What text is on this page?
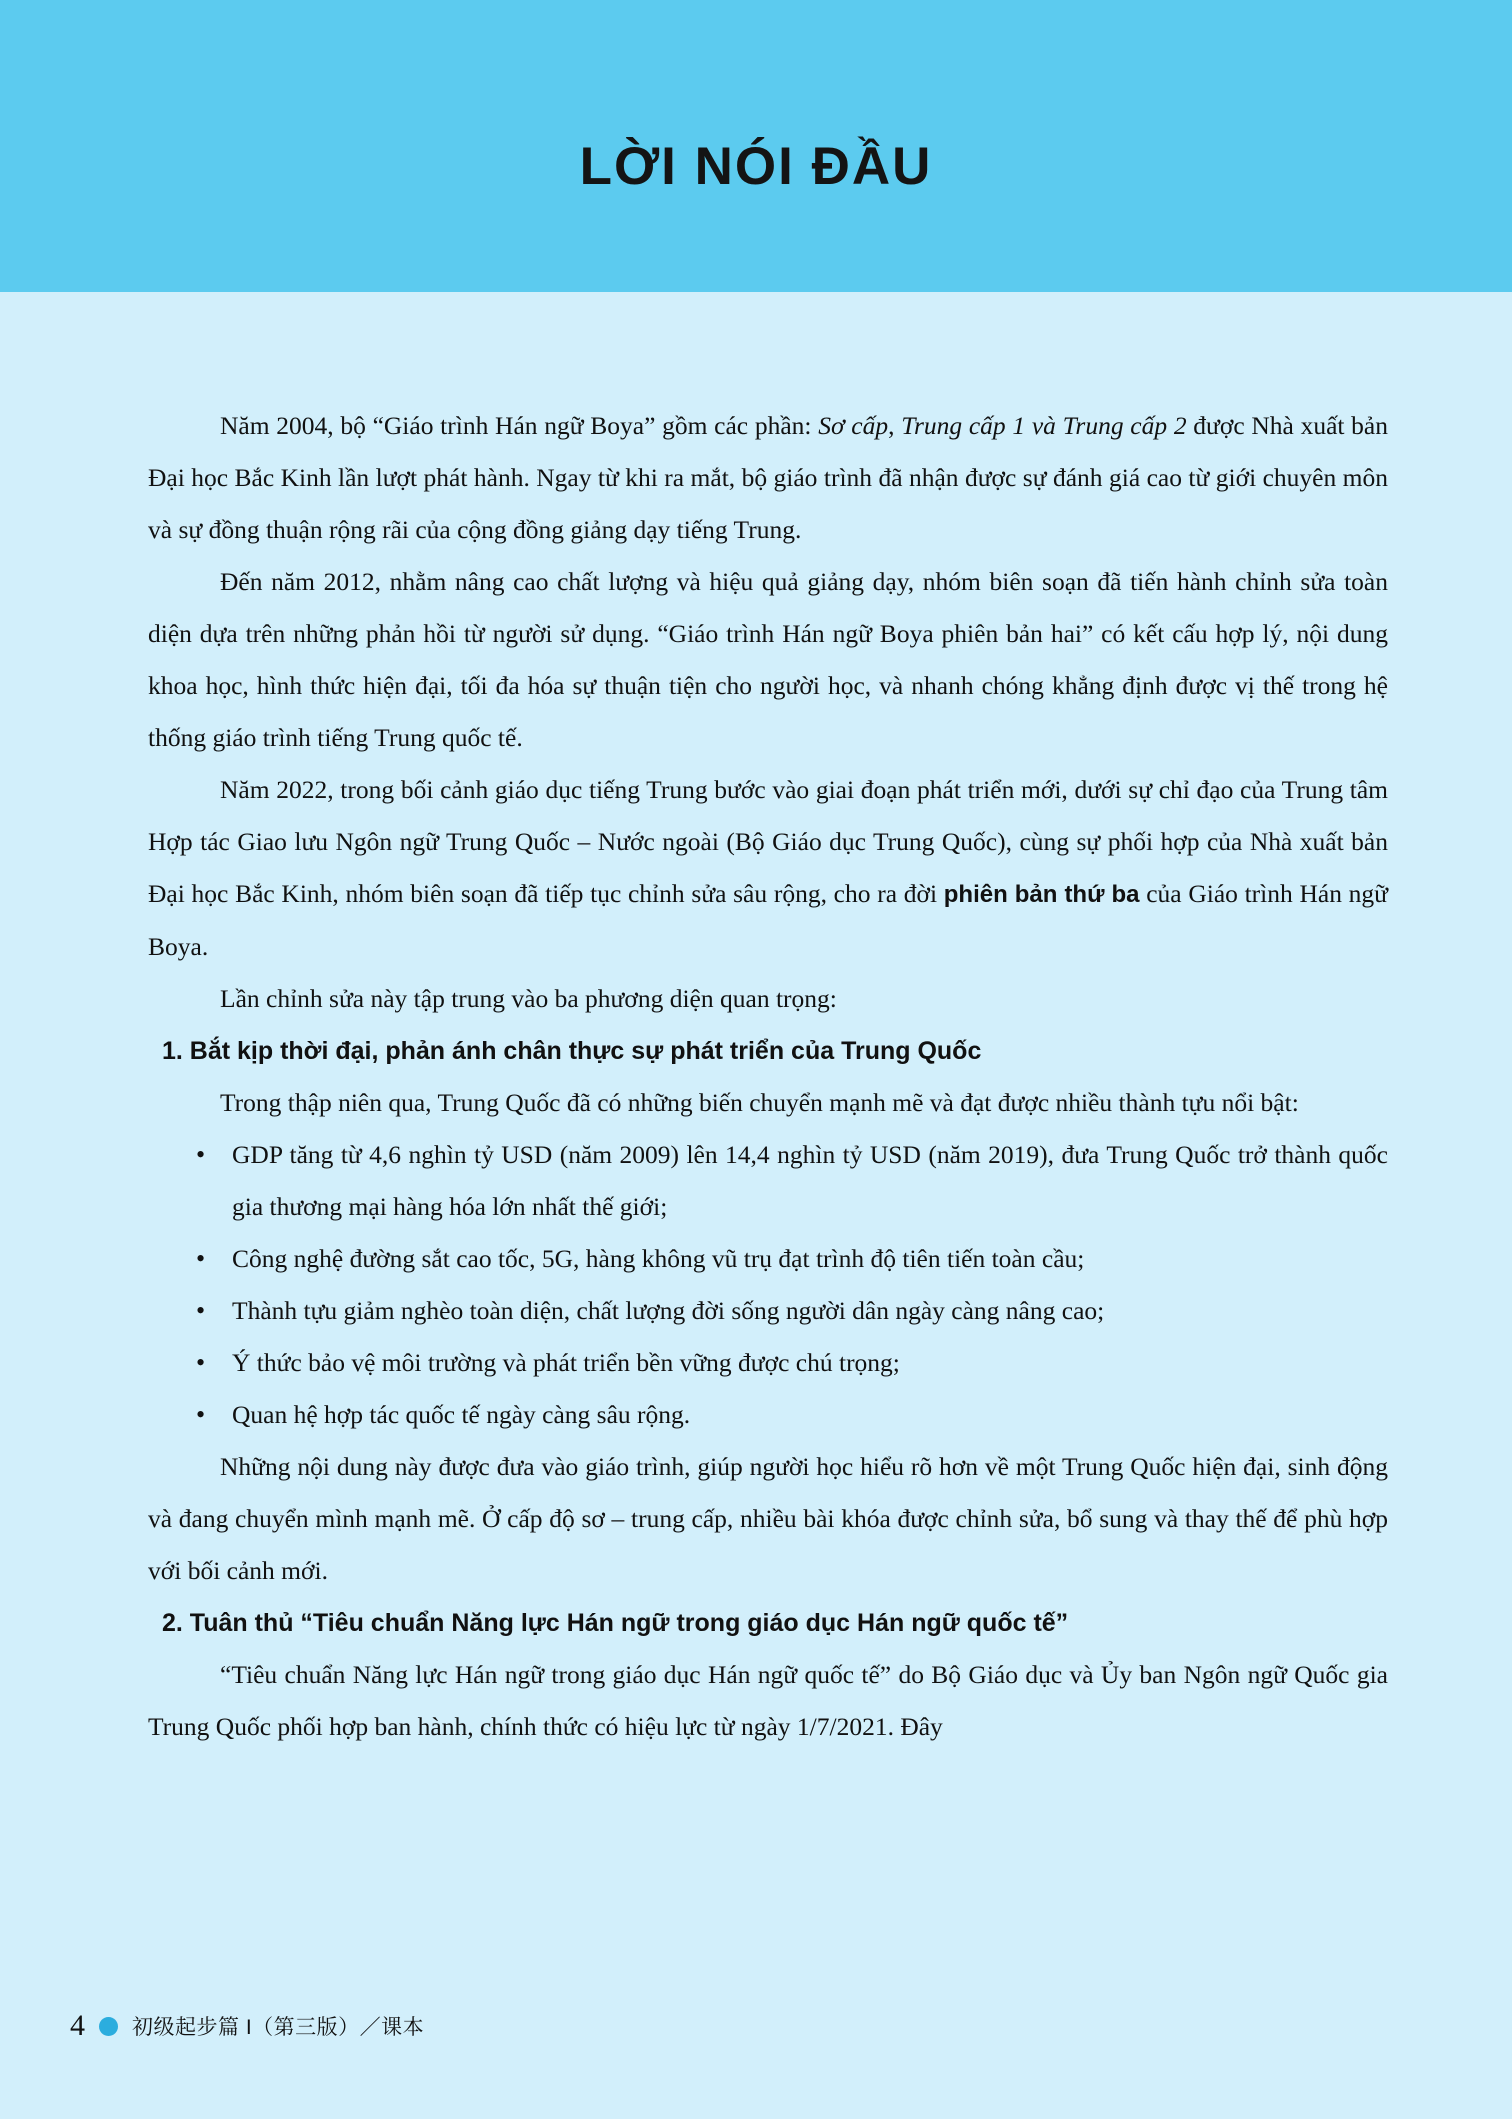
LỜI NÓI ĐẦU

Năm 2004, bộ “Giáo trình Hán ngữ Boya” gồm các phần: Sơ cấp, Trung cấp 1 và Trung cấp 2 được Nhà xuất bản Đại học Bắc Kinh lần lượt phát hành. Ngay từ khi ra mắt, bộ giáo trình đã nhận được sự đánh giá cao từ giới chuyên môn và sự đồng thuận rộng rãi của cộng đồng giảng dạy tiếng Trung.

Đến năm 2012, nhằm nâng cao chất lượng và hiệu quả giảng dạy, nhóm biên soạn đã tiến hành chỉnh sửa toàn diện dựa trên những phản hồi từ người sử dụng. “Giáo trình Hán ngữ Boya phiên bản hai” có kết cấu hợp lý, nội dung khoa học, hình thức hiện đại, tối đa hóa sự thuận tiện cho người học, và nhanh chóng khẳng định được vị thế trong hệ thống giáo trình tiếng Trung quốc tế.

Năm 2022, trong bối cảnh giáo dục tiếng Trung bước vào giai đoạn phát triển mới, dưới sự chỉ đạo của Trung tâm Hợp tác Giao lưu Ngôn ngữ Trung Quốc – Nước ngoài (Bộ Giáo dục Trung Quốc), cùng sự phối hợp của Nhà xuất bản Đại học Bắc Kinh, nhóm biên soạn đã tiếp tục chỉnh sửa sâu rộng, cho ra đời phiên bản thứ ba của Giáo trình Hán ngữ Boya.

Lần chỉnh sửa này tập trung vào ba phương diện quan trọng:

1. Bắt kịp thời đại, phản ánh chân thực sự phát triển của Trung Quốc

Trong thập niên qua, Trung Quốc đã có những biến chuyển mạnh mẽ và đạt được nhiều thành tựu nổi bật:

• GDP tăng từ 4,6 nghìn tỷ USD (năm 2009) lên 14,4 nghìn tỷ USD (năm 2019), đưa Trung Quốc trở thành quốc gia thương mại hàng hóa lớn nhất thế giới;
• Công nghệ đường sắt cao tốc, 5G, hàng không vũ trụ đạt trình độ tiên tiến toàn cầu;
• Thành tựu giảm nghèo toàn diện, chất lượng đời sống người dân ngày càng nâng cao;
• Ý thức bảo vệ môi trường và phát triển bền vững được chú trọng;
• Quan hệ hợp tác quốc tế ngày càng sâu rộng.

Những nội dung này được đưa vào giáo trình, giúp người học hiểu rõ hơn về một Trung Quốc hiện đại, sinh động và đang chuyển mình mạnh mẽ. Ở cấp độ sơ – trung cấp, nhiều bài khóa được chỉnh sửa, bổ sung và thay thế để phù hợp với bối cảnh mới.

2. Tuân thủ “Tiêu chuẩn Năng lực Hán ngữ trong giáo dục Hán ngữ quốc tế”

“Tiêu chuẩn Năng lực Hán ngữ trong giáo dục Hán ngữ quốc tế” do Bộ Giáo dục và Ủy ban Ngôn ngữ Quốc gia Trung Quốc phối hợp ban hành, chính thức có hiệu lực từ ngày 1/7/2021. Đây

4 初级起步篇 I（第三版）／课本
